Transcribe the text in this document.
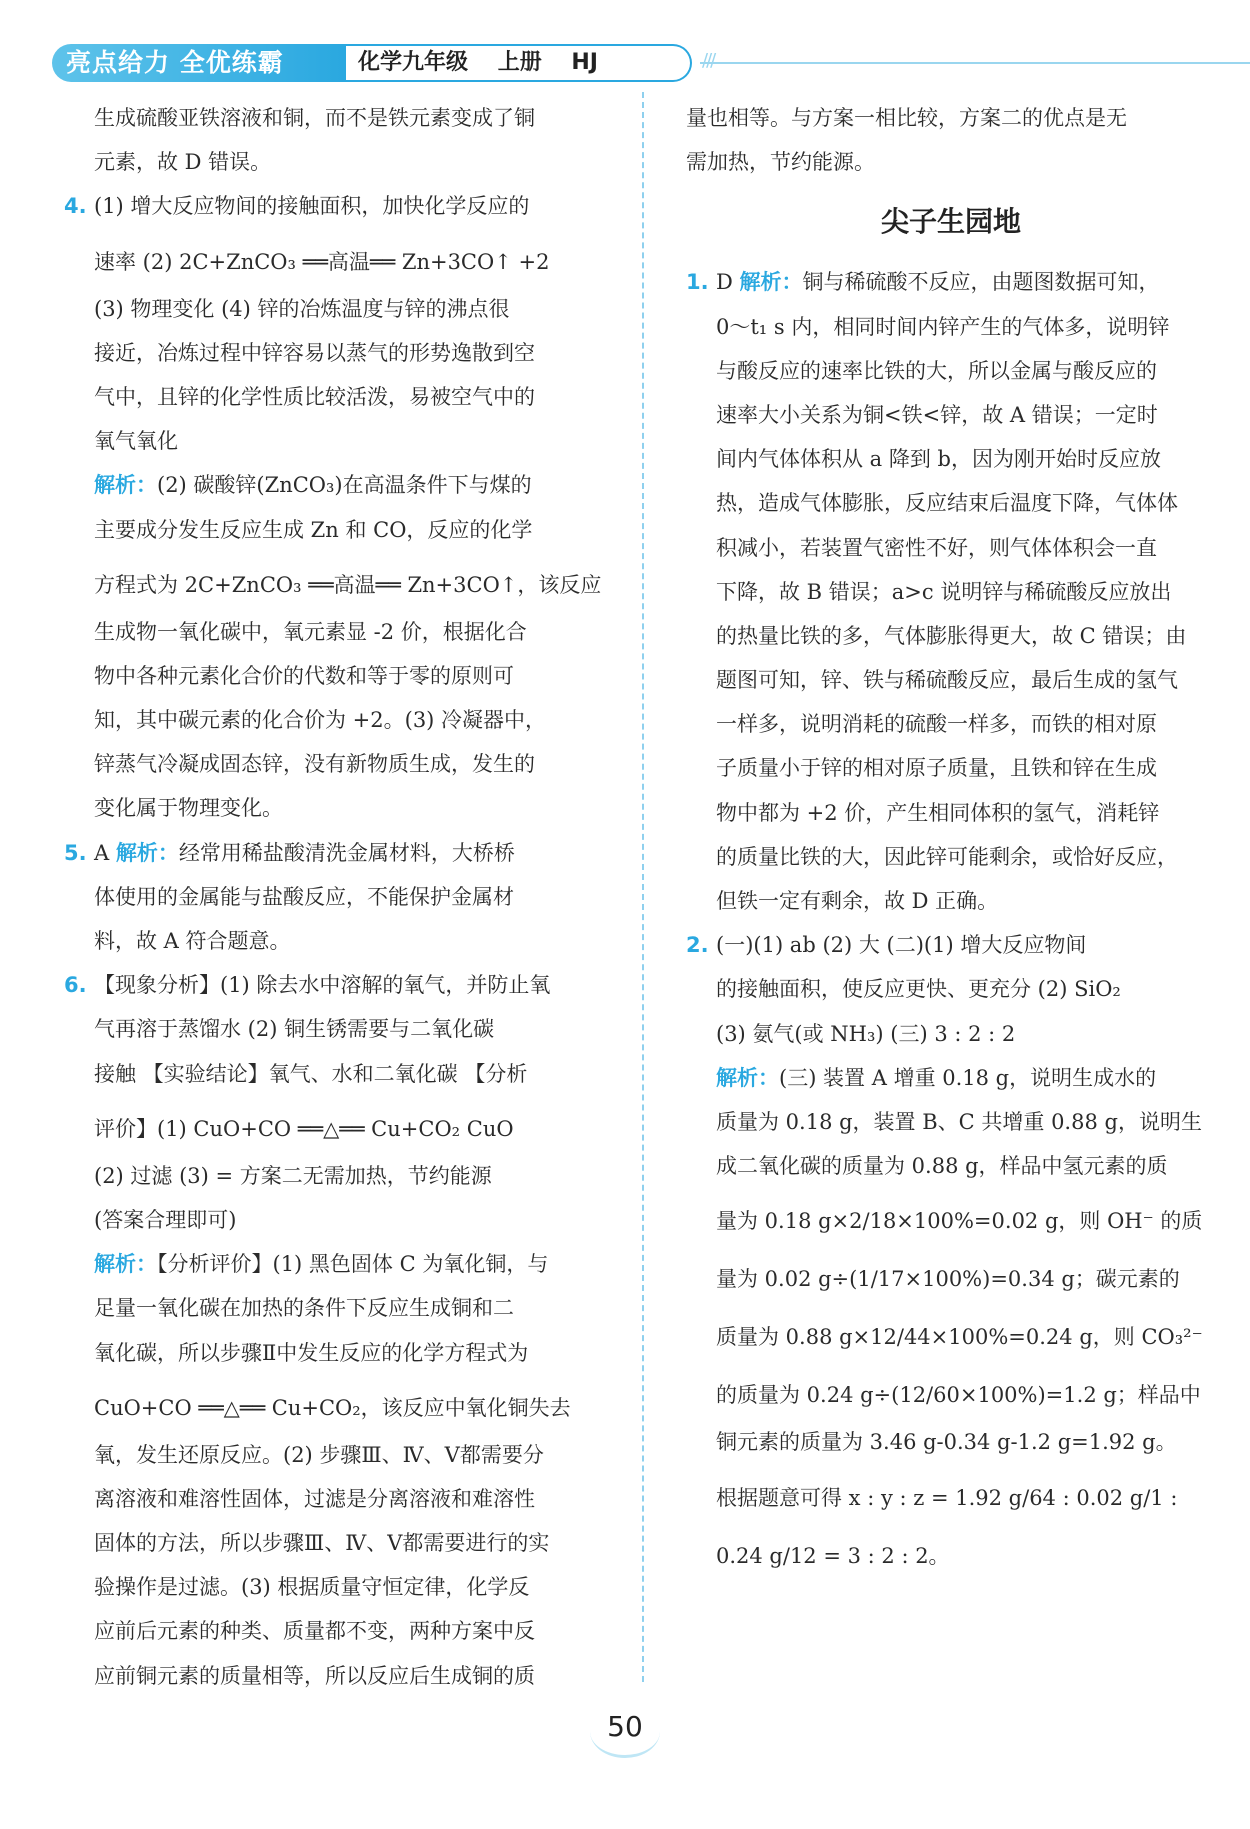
亮点给力 全优练霸	化学九年级 上册 HJ	///
生成硫酸亚铁溶液和铜，而不是铁元素变成了铜
元素，故 D 错误。
4. (1) 增大反应物间的接触面积，加快化学反应的
速率 (2) 2C+ZnCO₃ ══高温══ Zn+3CO↑ +2
(3) 物理变化 (4) 锌的冶炼温度与锌的沸点很
接近，冶炼过程中锌容易以蒸气的形势逸散到空
气中，且锌的化学性质比较活泼，易被空气中的
氧气氧化
解析：(2) 碳酸锌(ZnCO₃)在高温条件下与煤的
主要成分发生反应生成 Zn 和 CO，反应的化学
方程式为 2C+ZnCO₃ ══高温══ Zn+3CO↑，该反应
生成物一氧化碳中，氧元素显 -2 价，根据化合
物中各种元素化合价的代数和等于零的原则可
知，其中碳元素的化合价为 +2。(3) 冷凝器中，
锌蒸气冷凝成固态锌，没有新物质生成，发生的
变化属于物理变化。
5. A 解析：经常用稀盐酸清洗金属材料，大桥桥
体使用的金属能与盐酸反应，不能保护金属材
料，故 A 符合题意。
6. 【现象分析】(1) 除去水中溶解的氧气，并防止氧
气再溶于蒸馏水 (2) 铜生锈需要与二氧化碳
接触 【实验结论】氧气、水和二氧化碳 【分析
评价】(1) CuO+CO ══△══ Cu+CO₂ CuO
(2) 过滤 (3) = 方案二无需加热，节约能源
(答案合理即可)
解析：【分析评价】(1) 黑色固体 C 为氧化铜，与
足量一氧化碳在加热的条件下反应生成铜和二
氧化碳，所以步骤Ⅱ中发生反应的化学方程式为
CuO+CO ══△══ Cu+CO₂，该反应中氧化铜失去
氧，发生还原反应。(2) 步骤Ⅲ、Ⅳ、Ⅴ都需要分
离溶液和难溶性固体，过滤是分离溶液和难溶性
固体的方法，所以步骤Ⅲ、Ⅳ、Ⅴ都需要进行的实
验操作是过滤。(3) 根据质量守恒定律，化学反
应前后元素的种类、质量都不变，两种方案中反
应前铜元素的质量相等，所以反应后生成铜的质
量也相等。与方案一相比较，方案二的优点是无
需加热，节约能源。
尖子生园地
1. D 解析：铜与稀硫酸不反应，由题图数据可知，
0～t₁ s 内，相同时间内锌产生的气体多，说明锌
与酸反应的速率比铁的大，所以金属与酸反应的
速率大小关系为铜<铁<锌，故 A 错误；一定时
间内气体体积从 a 降到 b，因为刚开始时反应放
热，造成气体膨胀，反应结束后温度下降，气体体
积减小，若装置气密性不好，则气体体积会一直
下降，故 B 错误；a>c 说明锌与稀硫酸反应放出
的热量比铁的多，气体膨胀得更大，故 C 错误；由
题图可知，锌、铁与稀硫酸反应，最后生成的氢气
一样多，说明消耗的硫酸一样多，而铁的相对原
子质量小于锌的相对原子质量，且铁和锌在生成
物中都为 +2 价，产生相同体积的氢气，消耗锌
的质量比铁的大，因此锌可能剩余，或恰好反应，
但铁一定有剩余，故 D 正确。
2. (一)(1) ab (2) 大 (二)(1) 增大反应物间
的接触面积，使反应更快、更充分 (2) SiO₂
(3) 氨气(或 NH₃) (三) 3 : 2 : 2
解析：(三) 装置 A 增重 0.18 g，说明生成水的
质量为 0.18 g，装置 B、C 共增重 0.88 g，说明生
成二氧化碳的质量为 0.88 g，样品中氢元素的质
量为 0.18 g×2/18×100%=0.02 g，则 OH⁻ 的质
量为 0.02 g÷(1/17×100%)=0.34 g；碳元素的
质量为 0.88 g×12/44×100%=0.24 g，则 CO₃²⁻
的质量为 0.24 g÷(12/60×100%)=1.2 g；样品中
铜元素的质量为 3.46 g-0.34 g-1.2 g=1.92 g。
根据题意可得 x : y : z = 1.92 g/64 : 0.02 g/1 :
0.24 g/12 = 3 : 2 : 2。
50
